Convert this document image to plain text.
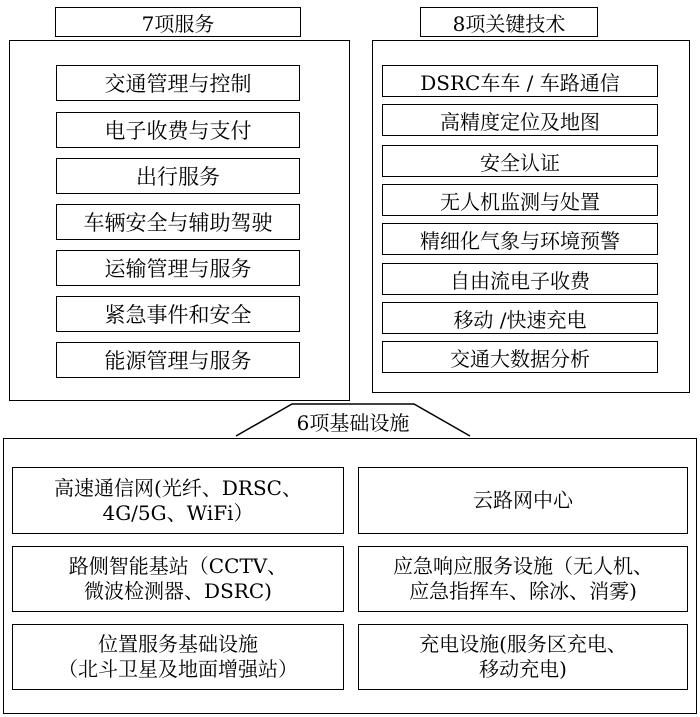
7项服务
交通管理与控制
电子收费与支付
出行服务
车辆安全与辅助驾驶
运输管理与服务
紧急事件和安全
能源管理与服务
8项关键技术
DSRC车车 / 车路通信
高精度定位及地图
安全认证
无人机监测与处置
精细化气象与环境预警
自由流电子收费
移动 /快速充电
交通大数据分析
6项基础设施
高速通信网(光纤、DRSC、
4G/5G、WiFi）
路侧智能基站（CCTV、
微波检测器、DSRC)
位置服务基础设施
（北斗卫星及地面增强站）
云路网中心
应急响应服务设施（无人机、
应急指挥车、除冰、消雾)
充电设施(服务区充电、
移动充电)
